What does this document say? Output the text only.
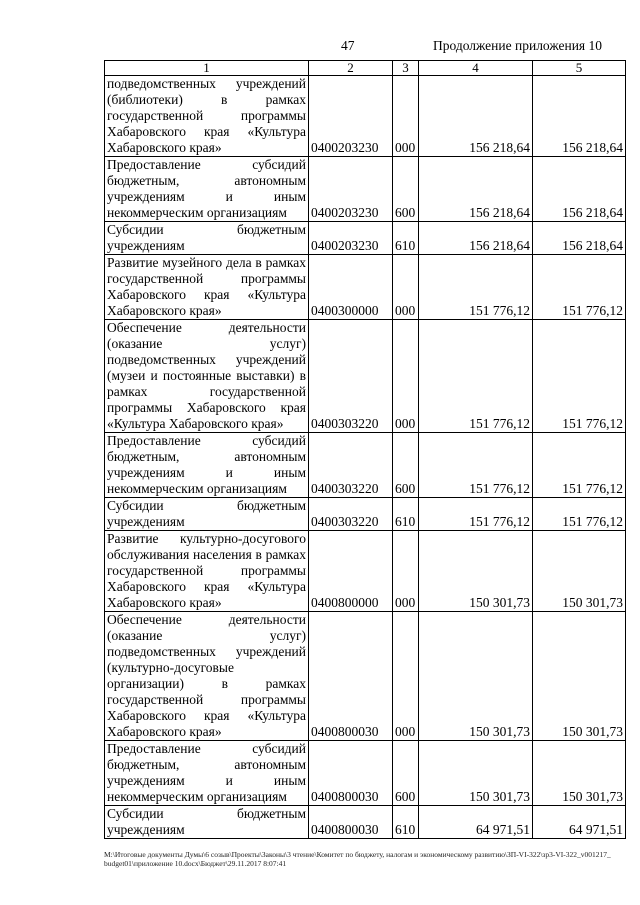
47	Продолжение приложения 10
1	2	3	4	5
подведомственных учреждений (библиотеки) в рамках государственной программы Хабаровского края «Культура Хабаровского края»	0400203230	000	156 218,64	156 218,64
Предоставление субсидий бюджетным, автономным учреждениям и иным некоммерческим организациям	0400203230	600	156 218,64	156 218,64
Субсидии бюджетным учреждениям	0400203230	610	156 218,64	156 218,64
Развитие музейного дела в рамках государственной программы Хабаровского края «Культура Хабаровского края»	0400300000	000	151 776,12	151 776,12
Обеспечение деятельности (оказание услуг) подведомственных учреждений (музеи и постоянные выставки) в рамках государственной программы Хабаровского края «Культура Хабаровского края»	0400303220	000	151 776,12	151 776,12
Предоставление субсидий бюджетным, автономным учреждениям и иным некоммерческим организациям	0400303220	600	151 776,12	151 776,12
Субсидии бюджетным учреждениям	0400303220	610	151 776,12	151 776,12
Развитие культурно-досугового обслуживания населения в рамках государственной программы Хабаровского края «Культура Хабаровского края»	0400800000	000	150 301,73	150 301,73
Обеспечение деятельности (оказание услуг) подведомственных учреждений (культурно-досуговые организации) в рамках государственной программы Хабаровского края «Культура Хабаровского края»	0400800030	000	150 301,73	150 301,73
Предоставление субсидий бюджетным, автономным учреждениям и иным некоммерческим организациям	0400800030	600	150 301,73	150 301,73
Субсидии бюджетным учреждениям	0400800030	610	64 971,51	64 971,51
M:\Итоговые документы Думы\6 созыв\Проекты\Законы\3 чтение\Комитет по бюджету, налогам и экономическому развитию\ЗП-VI-322\зр3-VI-322_v001217_budget01\приложение 10.docx\Бюджет\29.11.2017 8:07:41
